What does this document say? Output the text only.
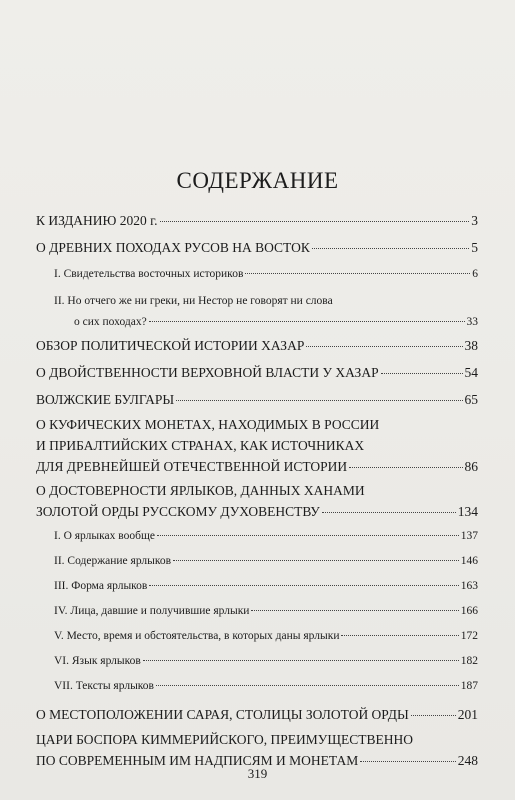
СОДЕРЖАНИЕ
К ИЗДАНИЮ 2020 г.	3
О ДРЕВНИХ ПОХОДАХ РУСОВ НА ВОСТОК	5
I. Свидетельства восточных историков	6
II. Но отчего же ни греки, ни Нестор не говорят ни слова
о сих походах?	33
ОБЗОР ПОЛИТИЧЕСКОЙ ИСТОРИИ ХАЗАР	38
О ДВОЙСТВЕННОСТИ ВЕРХОВНОЙ ВЛАСТИ У ХАЗАР	54
ВОЛЖСКИЕ БУЛГАРЫ	65
О КУФИЧЕСКИХ МОНЕТАХ, НАХОДИМЫХ В РОССИИ
И ПРИБАЛТИЙСКИХ СТРАНАХ, КАК ИСТОЧНИКАХ
ДЛЯ ДРЕВНЕЙШЕЙ ОТЕЧЕСТВЕННОЙ ИСТОРИИ	86
О ДОСТОВЕРНОСТИ ЯРЛЫКОВ, ДАННЫХ ХАНАМИ
ЗОЛОТОЙ ОРДЫ РУССКОМУ ДУХОВЕНСТВУ	134
I. О ярлыках вообще	137
II. Содержание ярлыков	146
III. Форма ярлыков	163
IV. Лица, давшие и получившие ярлыки	166
V. Место, время и обстоятельства, в которых даны ярлыки	172
VI. Язык ярлыков	182
VII. Тексты ярлыков	187
О МЕСТОПОЛОЖЕНИИ САРАЯ, СТОЛИЦЫ ЗОЛОТОЙ ОРДЫ	201
ЦАРИ БОСПОРА КИММЕРИЙСКОГО, ПРЕИМУЩЕСТВЕННО
ПО СОВРЕМЕННЫМ ИМ НАДПИСЯМ И МОНЕТАМ	248
319
